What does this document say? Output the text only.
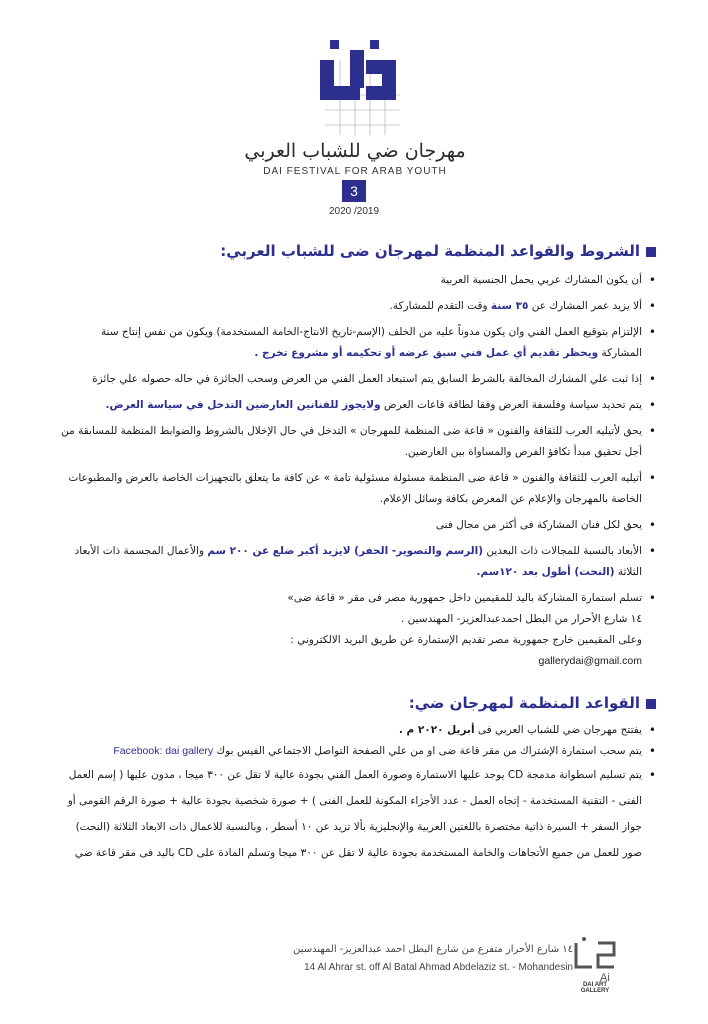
مهرجان ضي للشباب العربي
DAI FESTIVAL FOR ARAB YOUTH
3
2020 /2019
الشروط والقواعد المنظمة لمهرجان ضى للشباب العربي:
• أن يكون المشارك عربي يحمل الجنسية العربية
• ألا يزيد عمر المشارك عن ٣٥ سنة وقت التقدم للمشاركة.
• الإلتزام بتوقيع العمل الفني وان يكون مدوناً عليه من الخلف (الإسم-تاريخ الانتاج-الخامة المستخدمة) ويكون من نفس إنتاج سنة المشاركة ويحظر تقديم أي عمل فني سبق عرضه أو تحكيمه أو مشروع تخرج .
• إذا ثبت علي المشارك المخالفة بالشرط السابق يتم استبعاد العمل الفني من العرض وسحب الجائزة في حاله حصوله علي جائزة
• يتم تحديد سياسة وفلسفة العرض وفقا لطاقة قاعات العرض ولايجوز للفنانين العارضين التدخل في سياسة العرض.
• يحق لأتيليه العرب للثقافة والفنون « قاعة ضى المنظمة للمهرجان » التدخل في حال الإخلال بالشروط والضوابط المنظمة للمسابقة من أجل تحقيق مبدأ تكافؤ الفرص والمساواة بين العارضين.
• أتيليه العرب للثقافة والفنون « قاعة ضى المنظمة مسئولة مسئولية تامة » عن كافة ما يتعلق بالتجهيزات الخاصة بالعرض والمطبوعات الخاصة بالمهرجان والإعلام عن المعرض بكافة وسائل الإعلام.
• يحق لكل فنان المشاركة فى أكثر من مجال فنى
• الأبعاد بالنسبة للمجالات ذات البعدين (الرسم والتصوير- الحفر) لايزيد أكبر ضلع عن ٢٠٠ سم والأعمال المجسمة ذات الأبعاد الثلاثة (النحت) أطول بعد ١٢٠سم.
• تسلم استمارة المشاركة باليد للمقيمين داخل جمهورية مصر فى مقر « قاعة ضى»
١٤ شارع الأحرار من البطل احمدعبدالعزيز- المهندسين .
وعلى المقيمين خارج جمهورية مصر تقديم الإستمارة عن طريق البريد الالكتروني :
gallerydai@gmail.com
القواعد المنظمة لمهرجان ضي:
• يفتتح مهرجان ضي للشباب العربي فى أبريل ٢٠٢٠ م .
• يتم سحب استمارة الإشتراك من مقر قاعة ضى او من علي الصفحة التواصل الاجتماعي الفيس بوك Facebook: dai gallery
• يتم تسليم اسطوانة مدمجة CD يوجد عليها الاستمارة وصورة العمل الفني بجودة عالية لا تقل عن ٣٠٠ ميجا ، مدون عليها ( إسم العمل الفنى - التقنية المستخدمة - إتجاه العمل - عدد الأجزاء المكونة للعمل الفنى ) + صورة شخصية بجودة عالية + صورة الرقم القومى أو جواز السفر + السيرة ذاتية مختصرة باللغتين العربية والإنجليزية بألا تزيد عن ١٠ أسطر ، وبالنسبة للاعمال ذات الابعاد الثلاثة (النحت) صور للعمل من جميع الأتجاهات والخامة المستخدمة بجودة عالية لا تقل عن ٣٠٠ ميجا وتسلم المادة على CD باليد فى مقر قاعة ضي
١٤ شارع الأحرار متفرع من شارع البطل احمد عبدالعزيز- المهندسين
14 Al Ahrar st. off Al Batal Ahmad Abdelaziz st. - Mohandesin
Ai
DAI ART GALLERY
